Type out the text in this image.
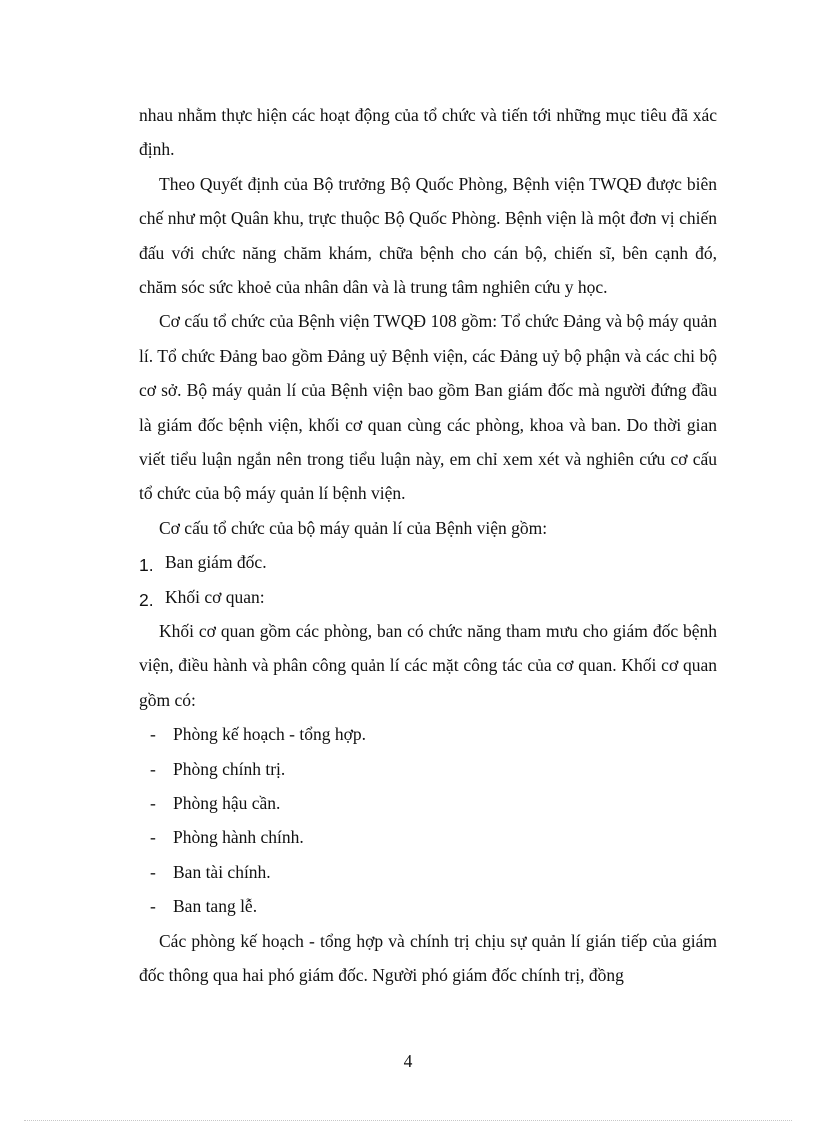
nhau nhằm thực hiện các hoạt động của tổ chức và tiến tới những mục tiêu đã xác định.

Theo Quyết định của Bộ trưởng Bộ Quốc Phòng, Bệnh viện TWQĐ được biên chế như một Quân khu, trực thuộc Bộ Quốc Phòng. Bệnh viện là một đơn vị chiến đấu với chức năng chăm khám, chữa bệnh cho cán bộ, chiến sĩ, bên cạnh đó, chăm sóc sức khoẻ của nhân dân và là trung tâm nghiên cứu y học.

Cơ cấu tổ chức của Bệnh viện TWQĐ 108 gồm: Tổ chức Đảng và bộ máy quản lí. Tổ chức Đảng bao gồm Đảng uỷ Bệnh viện, các Đảng uỷ bộ phận và các chi bộ cơ sở. Bộ máy quản lí của Bệnh viện bao gồm Ban giám đốc mà người đứng đầu là giám đốc bệnh viện, khối cơ quan cùng các phòng, khoa và ban. Do thời gian viết tiểu luận ngắn nên trong tiểu luận này, em chỉ xem xét và nghiên cứu cơ cấu tổ chức của bộ máy quản lí bệnh viện.

Cơ cấu tổ chức của bộ máy quản lí của Bệnh viện gồm:

1. Ban giám đốc.

2. Khối cơ quan:

Khối cơ quan gồm các phòng, ban có chức năng tham mưu cho giám đốc bệnh viện, điều hành và phân công quản lí các mặt công tác của cơ quan. Khối cơ quan gồm có:

- Phòng kế hoạch - tổng hợp.

- Phòng chính trị.

- Phòng hậu cần.

- Phòng hành chính.

- Ban tài chính.

- Ban tang lễ.

Các phòng kế hoạch - tổng hợp và chính trị chịu sự quản lí gián tiếp của giám đốc thông qua hai phó giám đốc. Người phó giám đốc chính trị, đồng

4
